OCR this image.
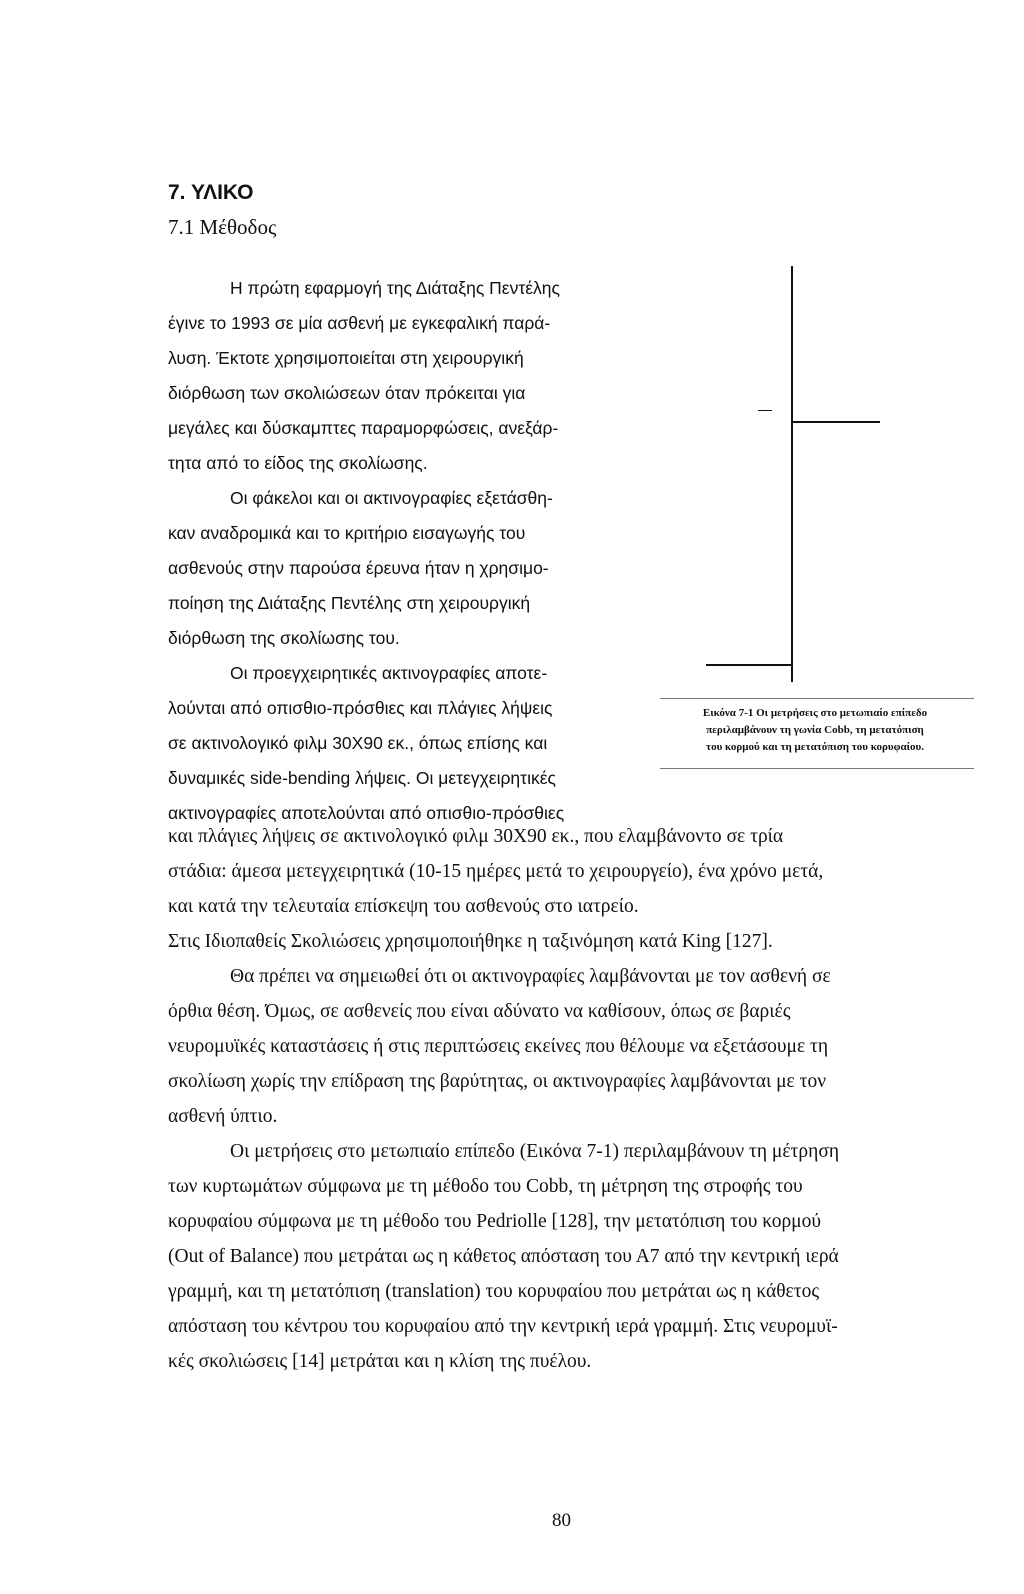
7. ΥΛΙΚΟ
7.1 Μέθοδος
Η πρώτη εφαρμογή της Διάταξης Πεντέλης
έγινε το 1993 σε μία ασθενή με εγκεφαλική παρά-
λυση. Έκτοτε χρησιμοποιείται στη χειρουργική
διόρθωση των σκολιώσεων όταν πρόκειται για
μεγάλες και δύσκαμπτες παραμορφώσεις, ανεξάρ-
τητα από το είδος της σκολίωσης.
Οι φάκελοι και οι ακτινογραφίες εξετάσθη-
καν αναδρομικά και το κριτήριο εισαγωγής του
ασθενούς στην παρούσα έρευνα ήταν η χρησιμο-
ποίηση της Διάταξης Πεντέλης στη χειρουργική
διόρθωση της σκολίωσης του.
Οι προεγχειρητικές ακτινογραφίες αποτε-
λούνται από οπισθιο-πρόσθιες και πλάγιες λήψεις
σε ακτινολογικό φιλμ 30Χ90 εκ., όπως επίσης και
δυναμικές side-bending λήψεις. Οι μετεγχειρητικές
ακτινογραφίες αποτελούνται από οπισθιο-πρόσθιες
Εικόνα 7-1 Οι μετρήσεις στο μετωπιαίο επίπεδο
περιλαμβάνουν τη γωνία Cobb, τη μετατόπιση
του κορμού και τη μετατόπιση του κορυφαίου.
και πλάγιες λήψεις σε ακτινολογικό φιλμ 30Χ90 εκ., που ελαμβάνοντο σε τρία
στάδια: άμεσα μετεγχειρητικά (10-15 ημέρες μετά το χειρουργείο), ένα χρόνο μετά,
και κατά την τελευταία επίσκεψη του ασθενούς στο ιατρείο.
Στις Ιδιοπαθείς Σκολιώσεις χρησιμοποιήθηκε η ταξινόμηση κατά King [127].
Θα πρέπει να σημειωθεί ότι οι ακτινογραφίες λαμβάνονται με τον ασθενή σε
όρθια θέση. Όμως, σε ασθενείς που είναι αδύνατο να καθίσουν, όπως σε βαριές
νευρομυϊκές καταστάσεις ή στις περιπτώσεις εκείνες που θέλουμε να εξετάσουμε τη
σκολίωση χωρίς την επίδραση της βαρύτητας, οι ακτινογραφίες λαμβάνονται με τον
ασθενή ύπτιο.
Οι μετρήσεις στο μετωπιαίο επίπεδο (Εικόνα 7-1) περιλαμβάνουν τη μέτρηση
των κυρτωμάτων σύμφωνα με τη μέθοδο του Cobb, τη μέτρηση της στροφής του
κορυφαίου σύμφωνα με τη μέθοδο του Pedriolle [128], την μετατόπιση του κορμού
(Out of Balance) που μετράται ως η κάθετος απόσταση του Α7 από την κεντρική ιερά
γραμμή, και τη μετατόπιση (translation) του κορυφαίου που μετράται ως η κάθετος
απόσταση του κέντρου του κορυφαίου από την κεντρική ιερά γραμμή. Στις νευρομυϊ-
κές σκολιώσεις [14] μετράται και η κλίση της πυέλου.
80
